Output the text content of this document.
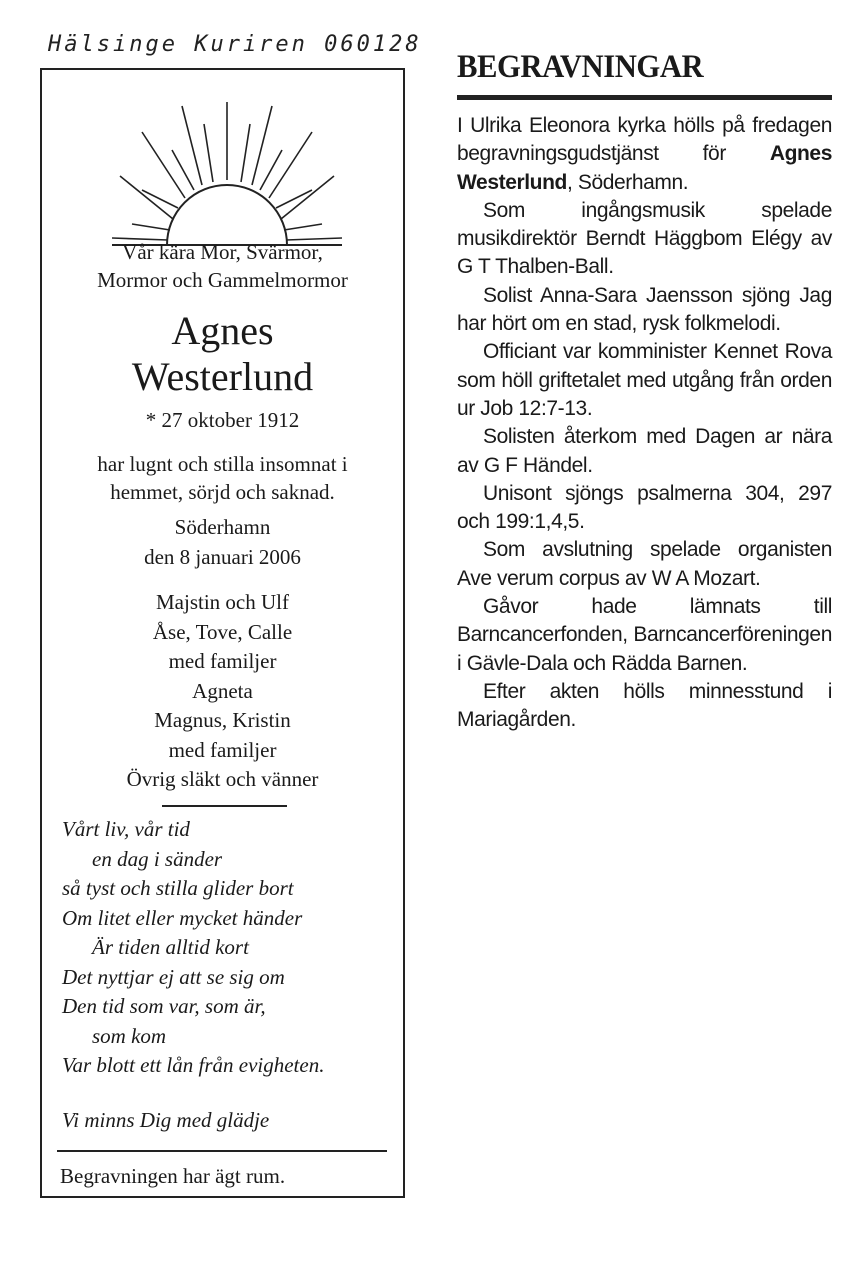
Hälsinge Kuriren 060128
Vår kära Mor, Svärmor,
Mormor och Gammelmormor
Agnes
Westerlund
* 27 oktober 1912
har lugnt och stilla insomnat i
hemmet, sörjd och saknad.
Söderhamn
den 8 januari 2006
Majstin och Ulf
Åse, Tove, Calle
med familjer
Agneta
Magnus, Kristin
med familjer
Övrig släkt och vänner
Vårt liv, vår tid
en dag i sänder
så tyst och stilla glider bort
Om litet eller mycket händer
Är tiden alltid kort
Det nyttjar ej att se sig om
Den tid som var, som är,
som kom
Var blott ett lån från evigheten.
Vi minns Dig med glädje
Begravningen har ägt rum.
BEGRAVNINGAR

I Ulrika Eleonora kyrka hölls på fredagen begravningsgudstjänst för Agnes Westerlund, Söderhamn.

Som ingångsmusik spelade musikdirektör Berndt Häggbom Elégy av G T Thalben-Ball.

Solist Anna-Sara Jaensson sjöng Jag har hört om en stad, rysk folkmelodi.

Officiant var komminister Kennet Rova som höll griftetalet med utgång från orden ur Job 12:7-13.

Solisten återkom med Dagen ar nära av G F Händel.

Unisont sjöngs psalmerna 304, 297 och 199:1,4,5.

Som avslutning spelade organisten Ave verum corpus av W A Mozart.

Gåvor hade lämnats till Barncancerfonden, Barncancerföreningen i Gävle-Dala och Rädda Barnen.

Efter akten hölls minnesstund i Mariagården.
